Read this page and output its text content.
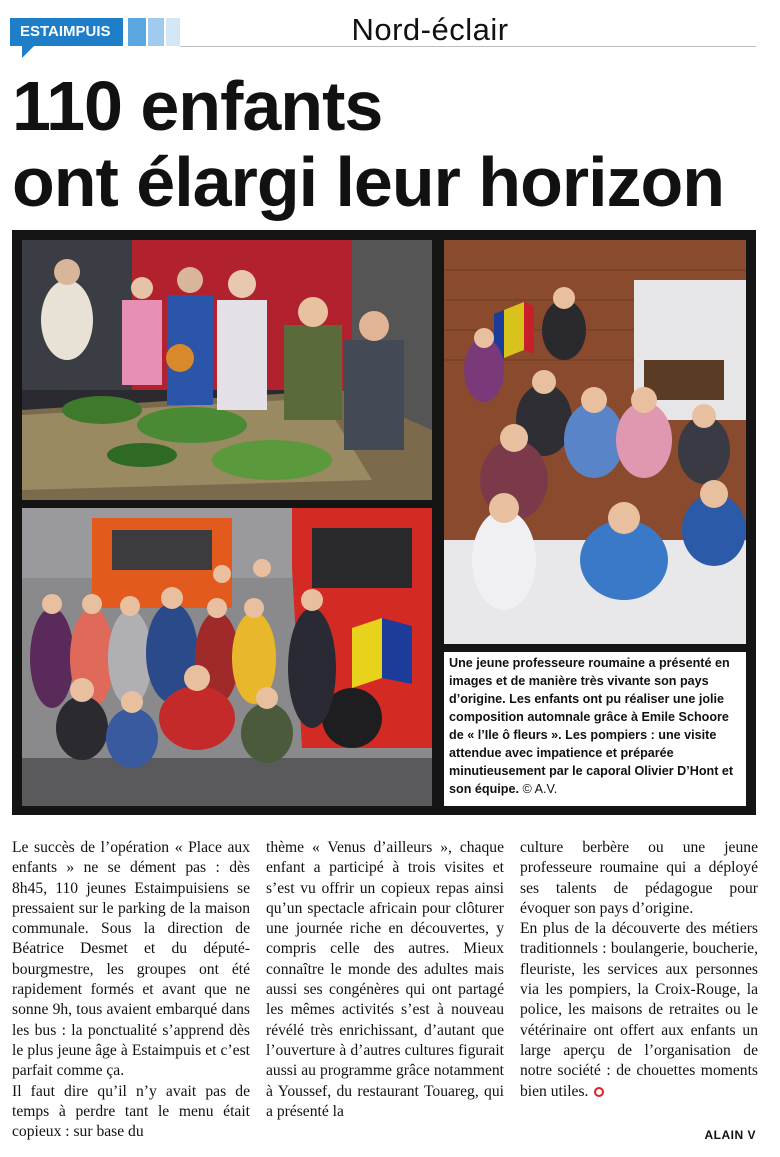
ESTAIMPUIS	Nord-éclair
110 enfants
ont élargi leur horizon
Une jeune professeure roumaine a présenté en images et de manière très vivante son pays d’origine. Les enfants ont pu réaliser une jolie composition automnale grâce à Emile Schoore de « l’Ile ô fleurs ». Les pompiers : une visite attendue avec impatience et préparée minutieusement par le caporal Olivier D’Hont et son équipe. © A.V.

Le succès de l’opération « Place aux enfants » ne se dément pas : dès 8h45, 110 jeunes Estaimpuisiens se pressaient sur le parking de la maison communale. Sous la direction de Béatrice Desmet et du député-bourgmestre, les groupes ont été rapidement formés et avant que ne sonne 9h, tous avaient embarqué dans les bus : la ponctualité s’apprend dès le plus jeune âge à Estaimpuis et c’est parfait comme ça.

Il faut dire qu’il n’y avait pas de temps à perdre tant le menu était copieux : sur base du

thème « Venus d’ailleurs », chaque enfant a participé à trois visites et s’est vu offrir un copieux repas ainsi qu’un spectacle africain pour clôturer une journée riche en découvertes, y compris celle des autres. Mieux connaître le monde des adultes mais aussi ses congénères qui ont partagé les mêmes activités s’est à nouveau révélé très enrichissant, d’autant que l’ouverture à d’autres cultures figurait aussi au programme grâce notamment à Youssef, du restaurant Touareg, qui a présenté la

culture berbère ou une jeune professeure roumaine qui a déployé ses talents de pédagogue pour évoquer son pays d’origine.

En plus de la découverte des métiers traditionnels : boulangerie, boucherie, fleuriste, les services aux personnes via les pompiers, la Croix-Rouge, la police, les maisons de retraites ou le vétérinaire ont offert aux enfants un large aperçu de l’organisation de notre société : de chouettes moments bien utiles.

ALAIN V
